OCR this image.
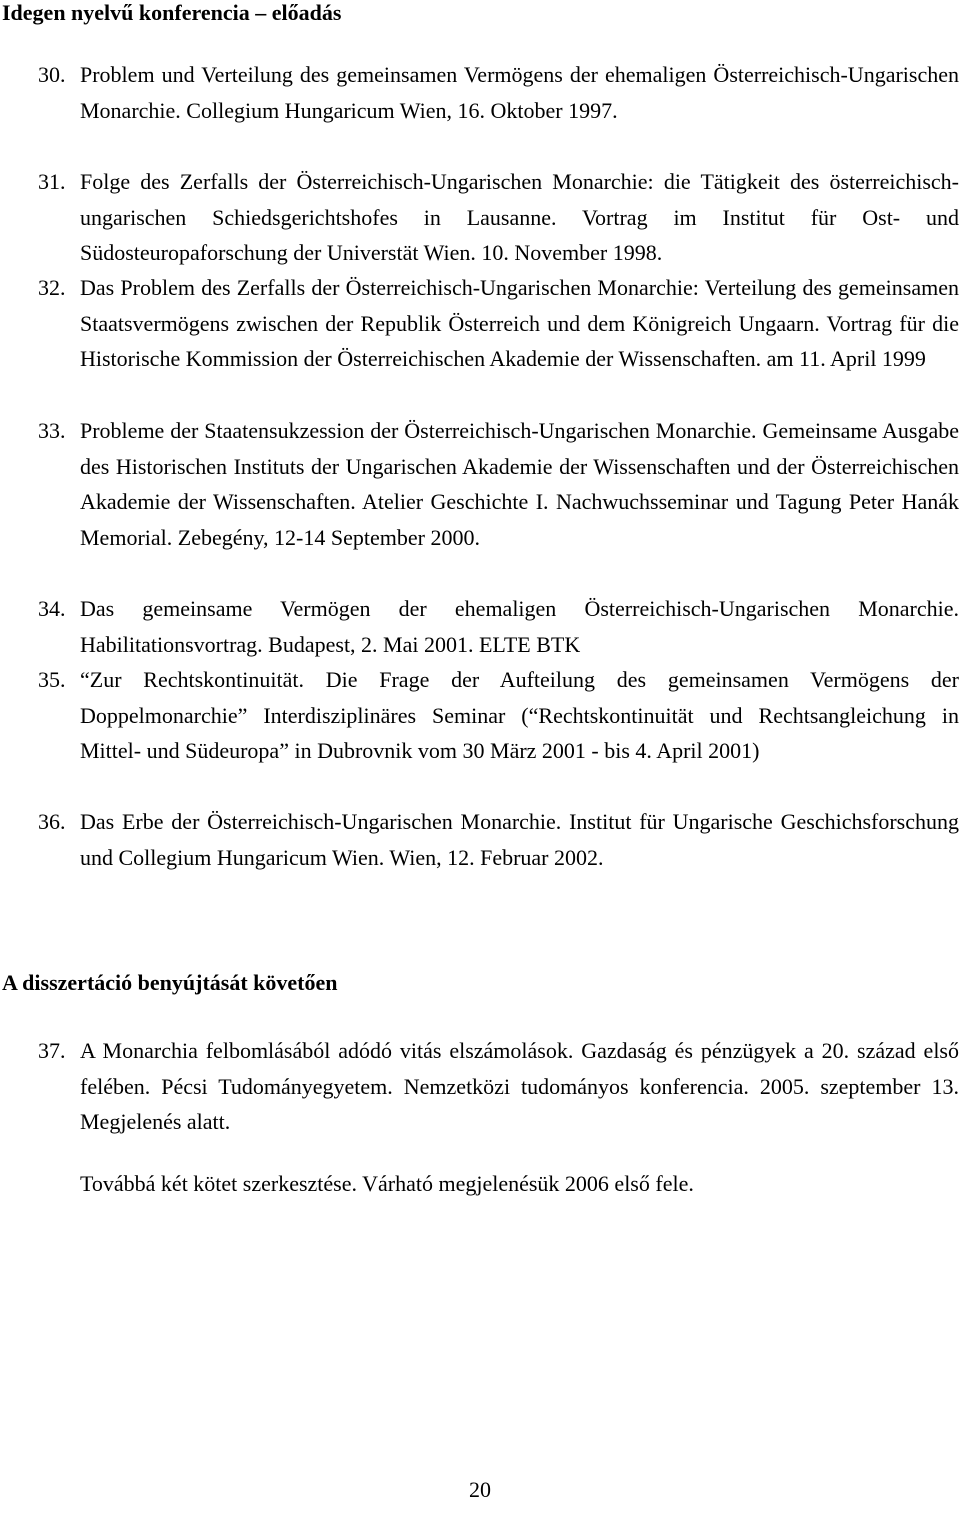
Idegen nyelvű konferencia – előadás
30. Problem und Verteilung des gemeinsamen Vermögens der ehemaligen Österreichisch-Ungarischen Monarchie. Collegium Hungaricum Wien, 16. Oktober 1997.
31. Folge des Zerfalls der Österreichisch-Ungarischen Monarchie: die Tätigkeit des österreichisch-ungarischen Schiedsgerichtshofes in Lausanne. Vortrag im Institut für Ost- und Südosteuropaforschung der Universtät Wien. 10. November 1998.
32. Das Problem des Zerfalls der Österreichisch-Ungarischen Monarchie: Verteilung des gemeinsamen Staatsvermögens zwischen der Republik Österreich und dem Königreich Ungaarn. Vortrag für die Historische Kommission der Österreichischen Akademie der Wissenschaften. am 11. April 1999
33. Probleme der Staatensukzession der Österreichisch-Ungarischen Monarchie. Gemeinsame Ausgabe des Historischen Instituts der Ungarischen Akademie der Wissenschaften und der Österreichischen Akademie der Wissenschaften. Atelier Geschichte I. Nachwuchsseminar und Tagung Peter Hanák Memorial. Zebegény, 12-14 September 2000.
34. Das gemeinsame Vermögen der ehemaligen Österreichisch-Ungarischen Monarchie. Habilitationsvortrag. Budapest, 2. Mai 2001. ELTE BTK
35. “Zur Rechtskontinuität. Die Frage der Aufteilung des gemeinsamen Vermögens der Doppelmonarchie” Interdisziplinäres Seminar (“Rechtskontinuität und Rechtsangleichung in Mittel- und Südeuropa” in Dubrovnik vom 30 März 2001 - bis 4. April 2001)
36. Das Erbe der Österreichisch-Ungarischen Monarchie. Institut für Ungarische Geschichsforschung und Collegium Hungaricum Wien. Wien, 12. Februar 2002.
A disszertáció benyújtását követően
37. A Monarchia felbomlásából adódó vitás elszámolások. Gazdaság és pénzügyek a 20. század első felében. Pécsi Tudományegyetem. Nemzetközi tudományos konferencia. 2005. szeptember 13. Megjelenés alatt.

Továbbá két kötet szerkesztése. Várható megjelenésük 2006 első fele.

20
